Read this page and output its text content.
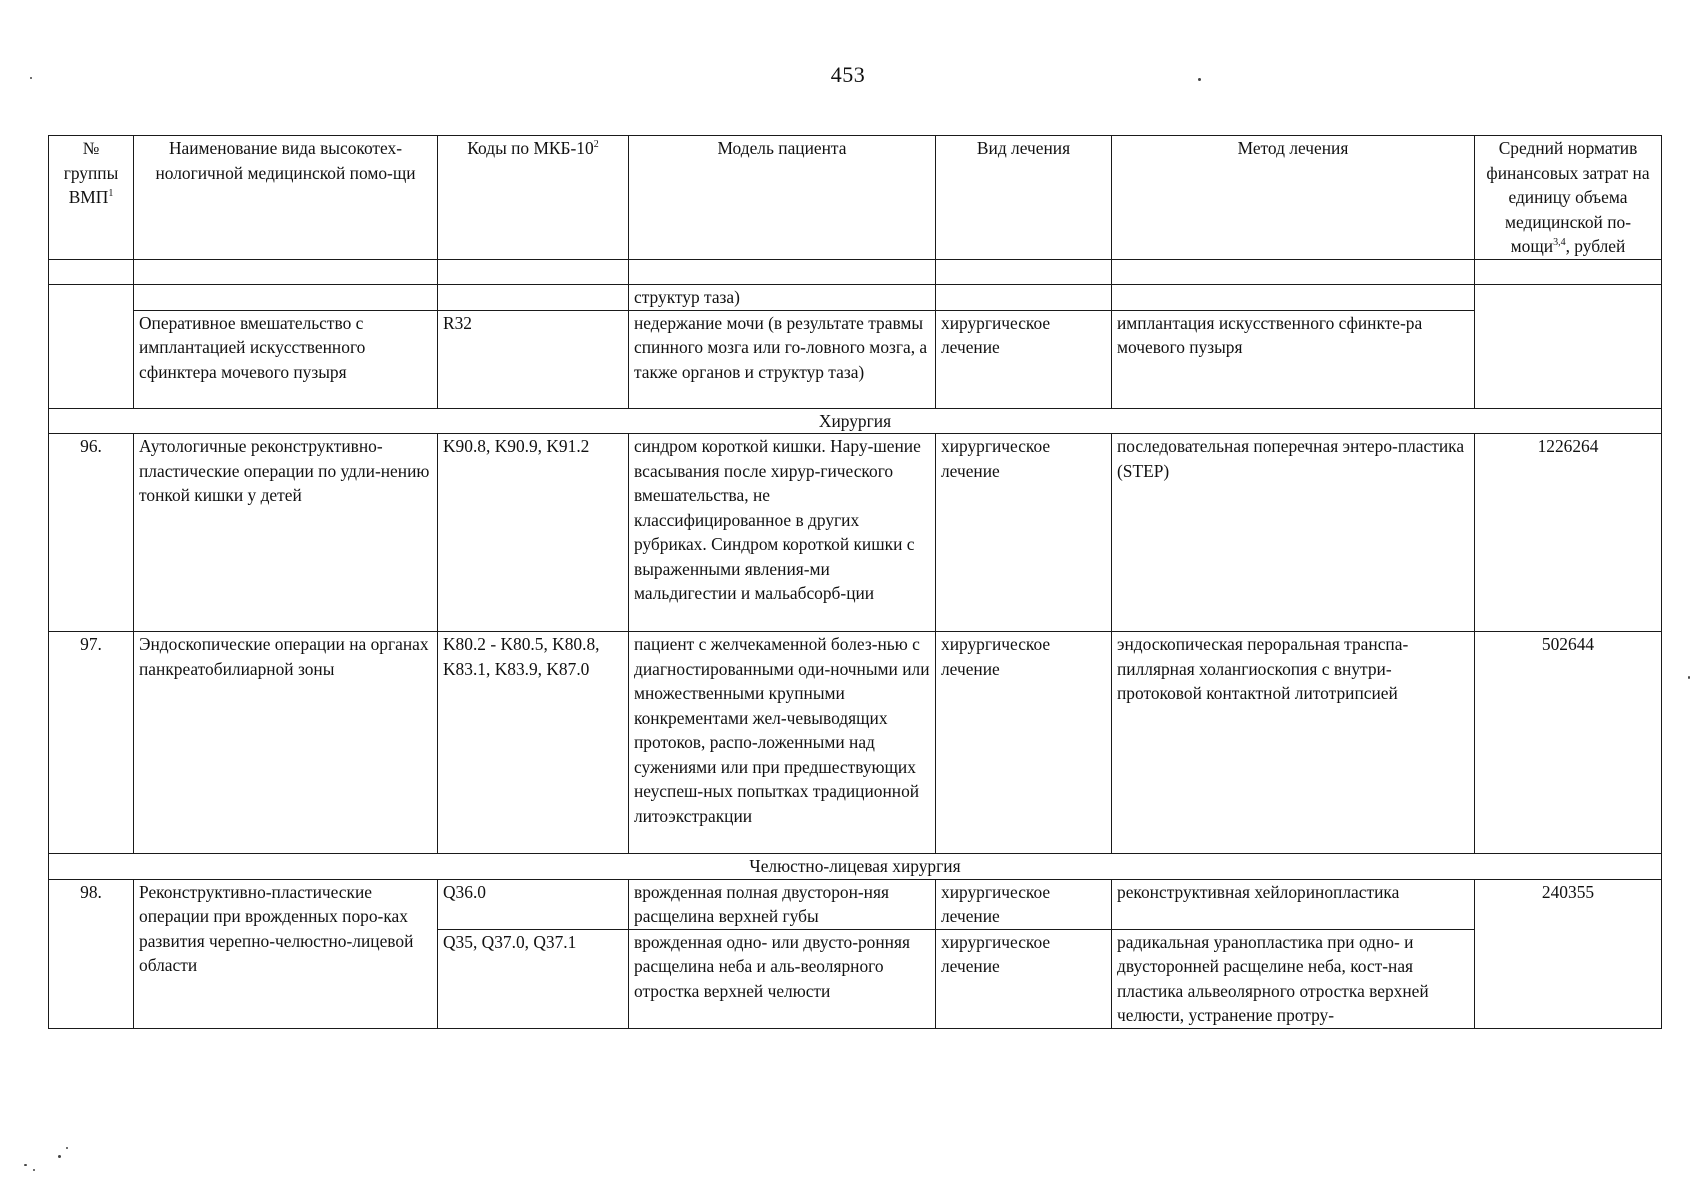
453
№ группы ВМП$^1$	Наименование вида высокотех-нологичной медицинской помо-щи	Коды по МКБ-$10^2$	Модель пациента	Вид лечения	Метод лечения	Средний норматив финансовых затрат на единицу объема медицинской по-мощи$^{3,4}$, рублей

			структур таза)			
	Оперативное вмешательство с имплантацией искусственного сфинктера мочевого пузыря	R32	недержание мочи (в результате травмы спинного мозга или го-ловного мозга, а также органов и структур таза)	хирургическое лечение	имплантация искусственного сфинкте-ра мочевого пузыря	
Хирургия						
96.	Аутологичные реконструктивно-пластические операции по удли-нению тонкой кишки у детей	K90.8, K90.9, K91.2	синдром короткой кишки. Нару-шение всасывания после хирур-гического вмешательства, не классифицированное в других рубриках. Синдром короткой кишки с выраженными явления-ми мальдигестии и мальабсорб-ции	хирургическое лечение	последовательная поперечная энтеро-пластика (STEP)	1226264
97.	Эндоскопические операции на органах панкреатобилиарной зоны	K80.2 - K80.5, K80.8, K83.1, K83.9, K87.0	пациент с желчекаменной болез-нью с диагностированными оди-ночными или множественными крупными конкрементами жел-чевыводящих протоков, распо-ложенными над сужениями или при предшествующих неуспеш-ных попытках традиционной литоэкстракции	хирургическое лечение	эндоскопическая пероральная транспа-пиллярная холангиоскопия с внутри-протоковой контактной литотрипсией	502644
Челюстно-лицевая хирургия						
98.	Реконструктивно-пластические операции при врожденных поро-ках развития черепно-челюстно-лицевой области	Q36.0	врожденная полная двусторон-няя расщелина верхней губы	хирургическое лечение	реконструктивная хейлоринопластика	240355
		Q35, Q37.0, Q37.1	врожденная одно- или двусто-ронняя расщелина неба и аль-веолярного отростка верхней челюсти	хирургическое лечение	радикальная уранопластика при одно- и двусторонней расщелине неба, кост-ная пластика альвеолярного отростка верхней челюсти, устранение протру-	
